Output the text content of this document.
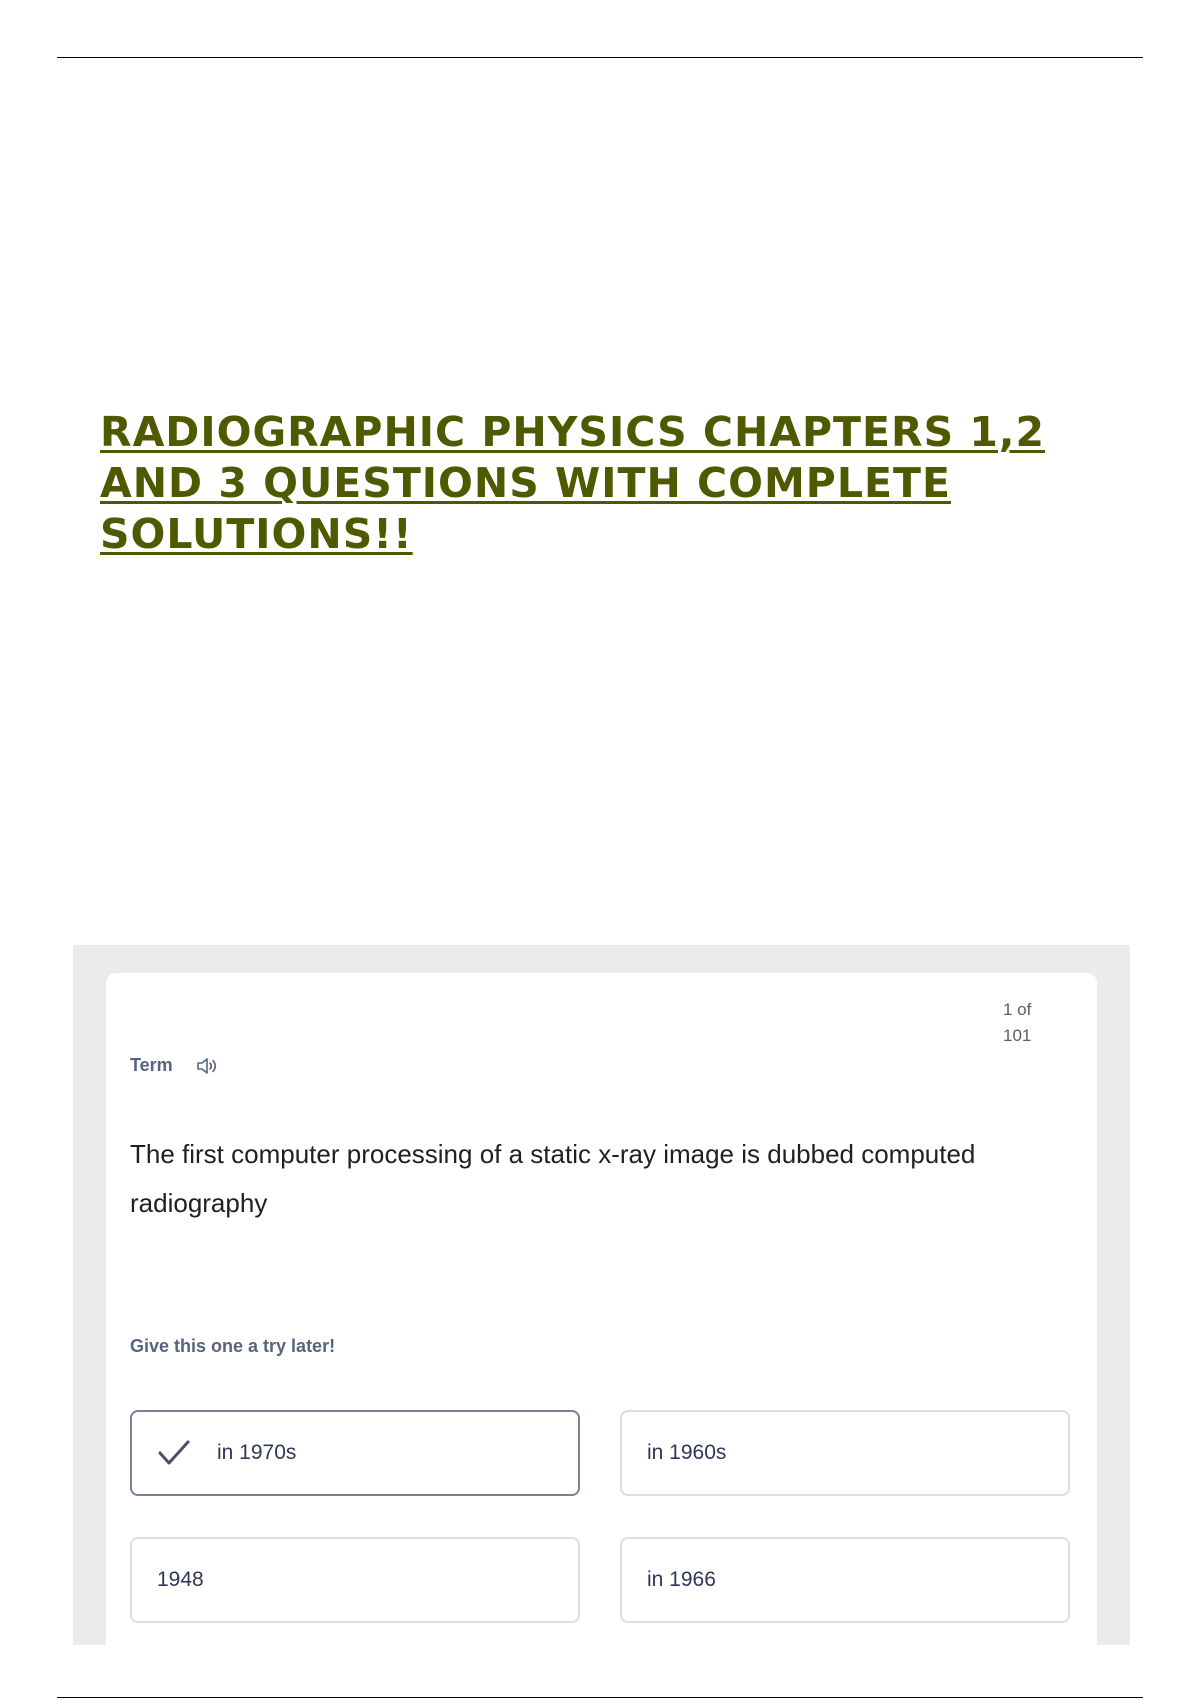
RADIOGRAPHIC PHYSICS CHAPTERS 1,2 AND 3 QUESTIONS WITH COMPLETE SOLUTIONS!!
1 of 101
Term

The first computer processing of a static x-ray image is dubbed computed radiography

Give this one a try later!
in 1970s	in 1960s
1948	in 1966
